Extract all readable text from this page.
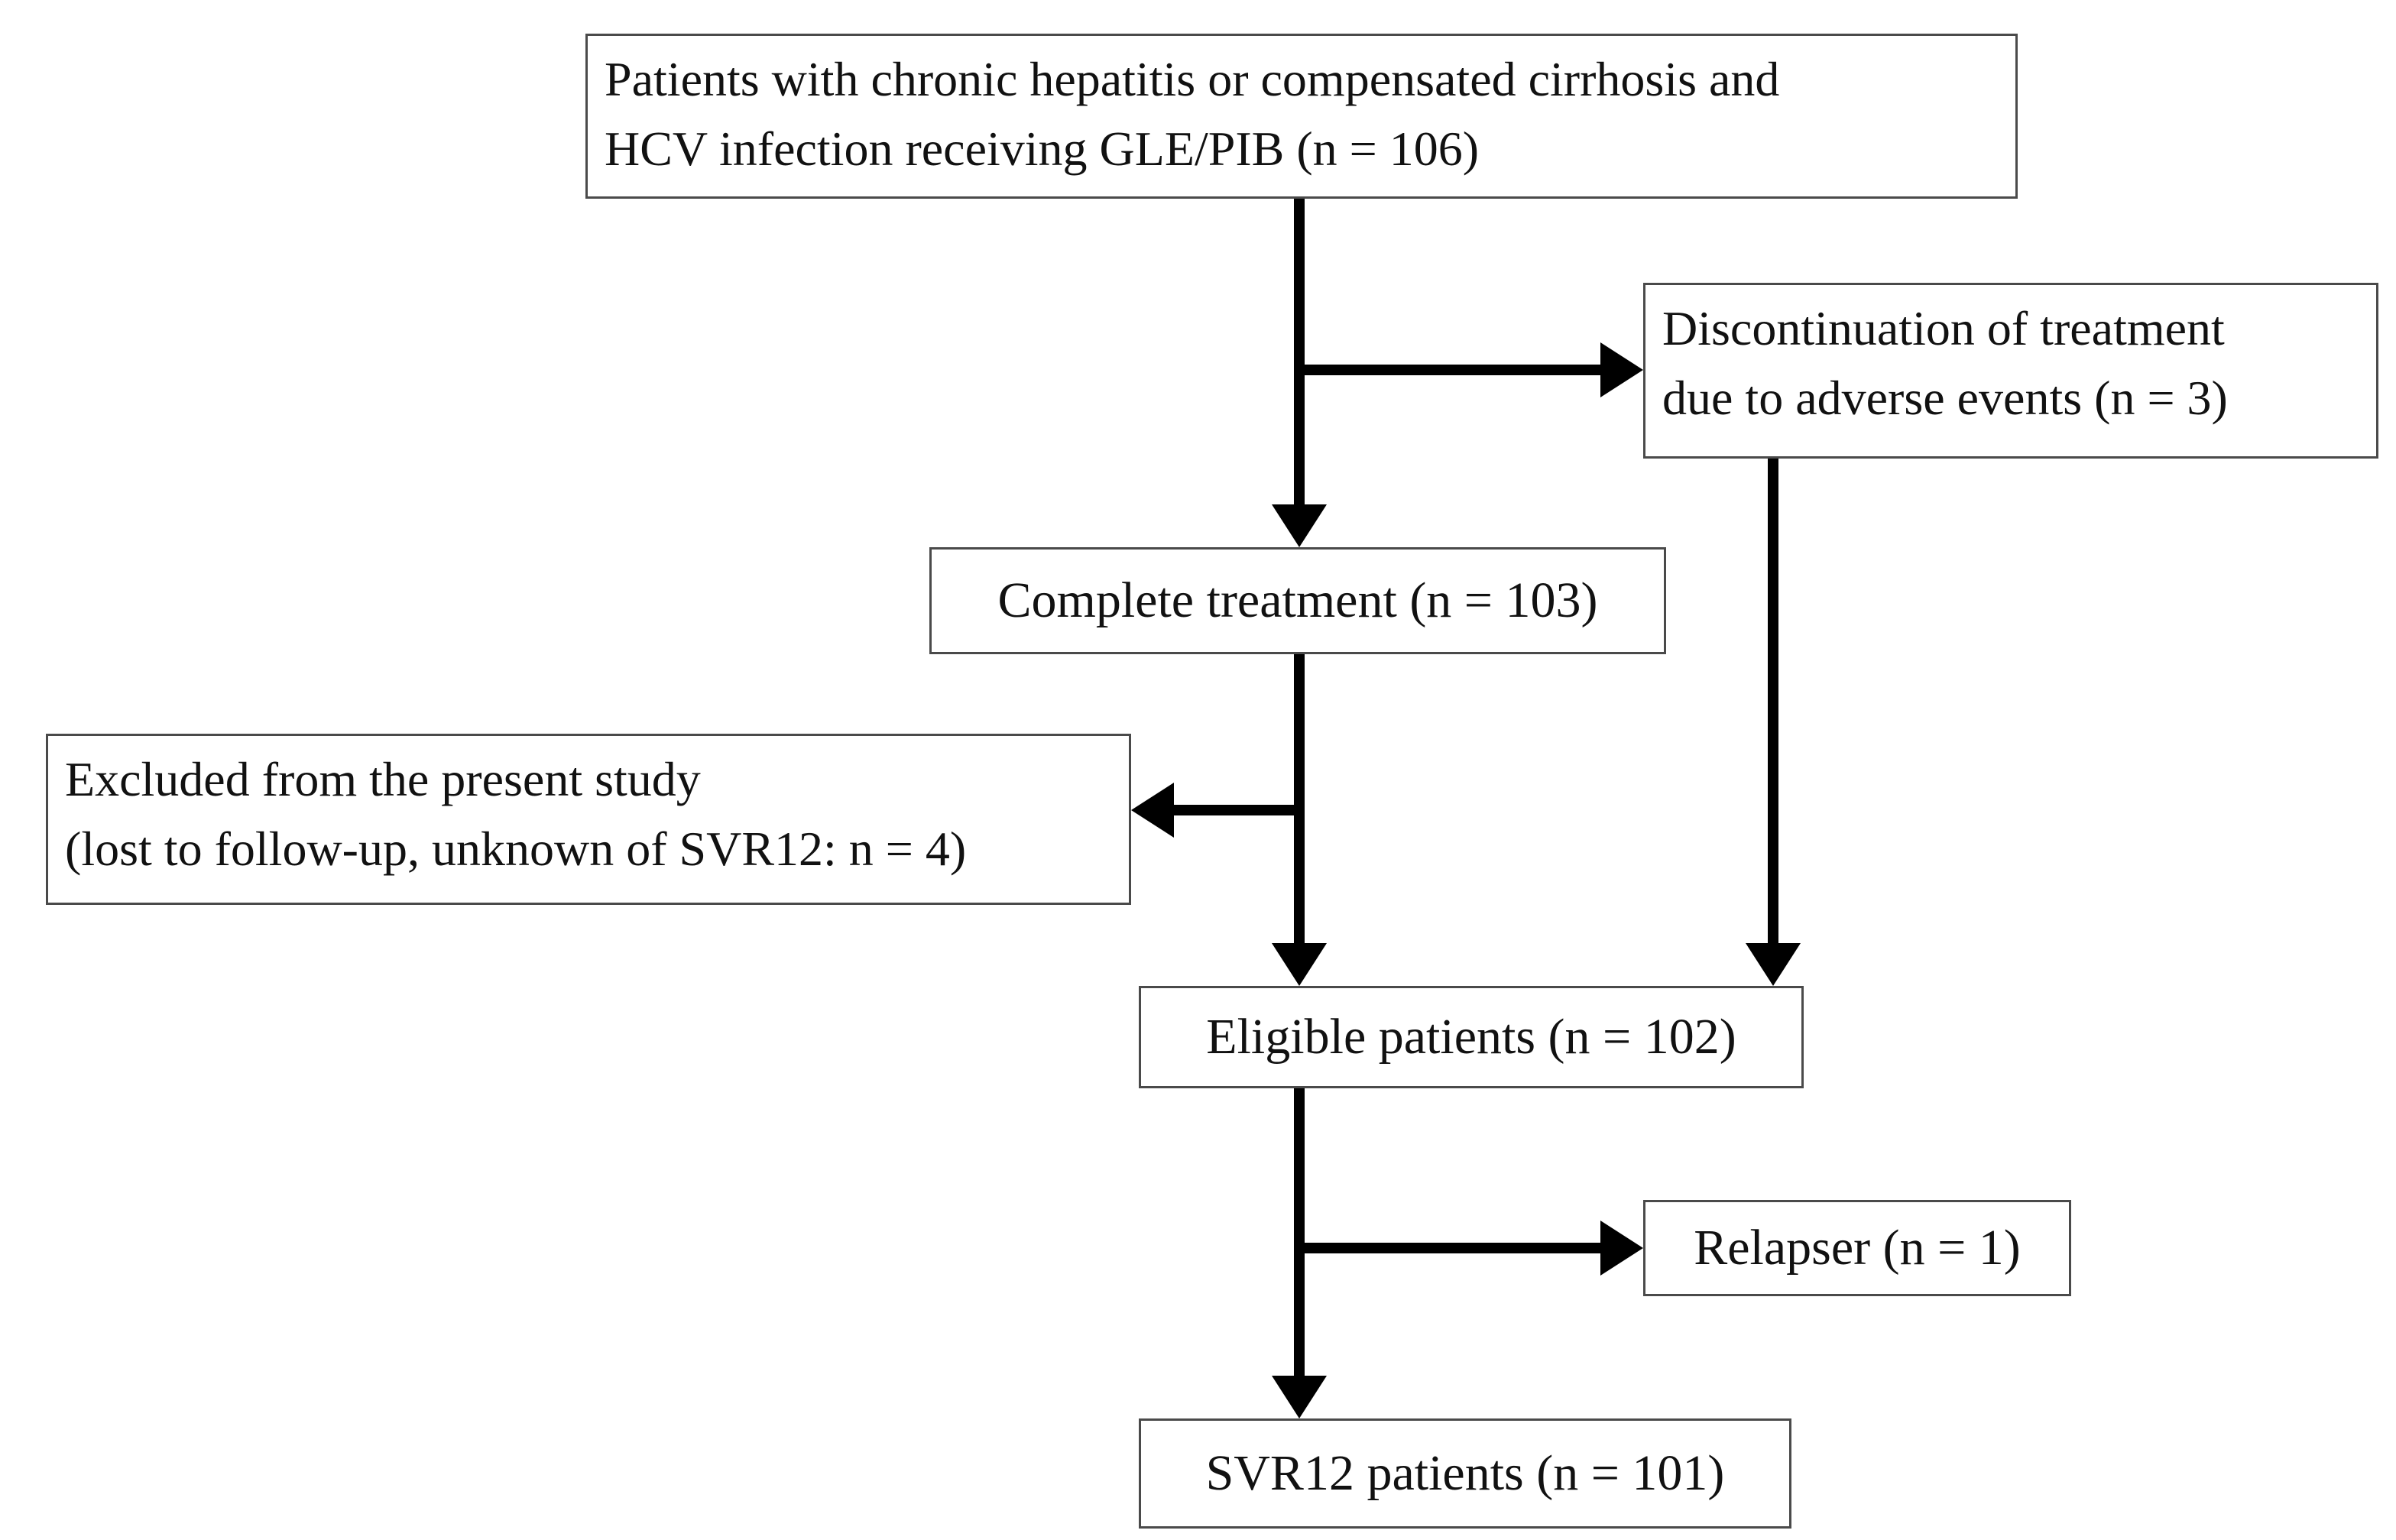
Patients with chronic hepatitis or compensated cirrhosis and
HCV infection receiving GLE/PIB (n = 106)
Discontinuation of treatment
due to adverse events (n = 3)
Complete treatment (n = 103)
Excluded from the present study
(lost to follow-up, unknown of SVR12: n = 4)
Eligible patients (n = 102)
Relapser (n = 1)
SVR12 patients (n = 101)
